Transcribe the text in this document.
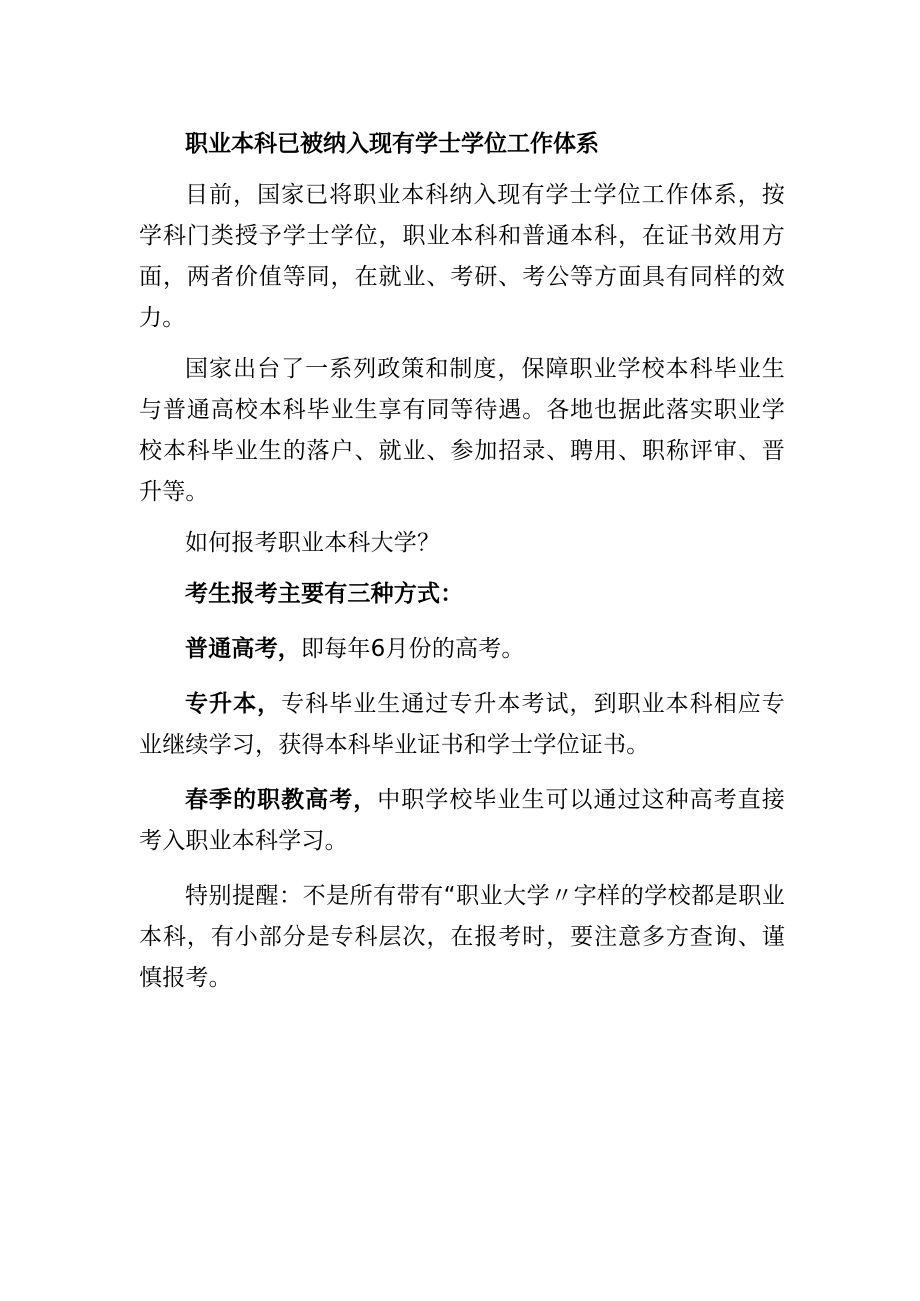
职业本科已被纳入现有学士学位工作体系

目前，国家已将职业本科纳入现有学士学位工作体系，按学科门类授予学士学位，职业本科和普通本科，在证书效用方面，两者价值等同，在就业、考研、考公等方面具有同样的效力。

国家出台了一系列政策和制度，保障职业学校本科毕业生与普通高校本科毕业生享有同等待遇。各地也据此落实职业学校本科毕业生的落户、就业、参加招录、聘用、职称评审、晋升等。

如何报考职业本科大学？

考生报考主要有三种方式：

普通高考，即每年6月份的高考。

专升本，专科毕业生通过专升本考试，到职业本科相应专业继续学习，获得本科毕业证书和学士学位证书。

春季的职教高考，中职学校毕业生可以通过这种高考直接考入职业本科学习。

特别提醒：不是所有带有“职业大学〃字样的学校都是职业本科，有小部分是专科层次，在报考时，要注意多方查询、谨慎报考。
